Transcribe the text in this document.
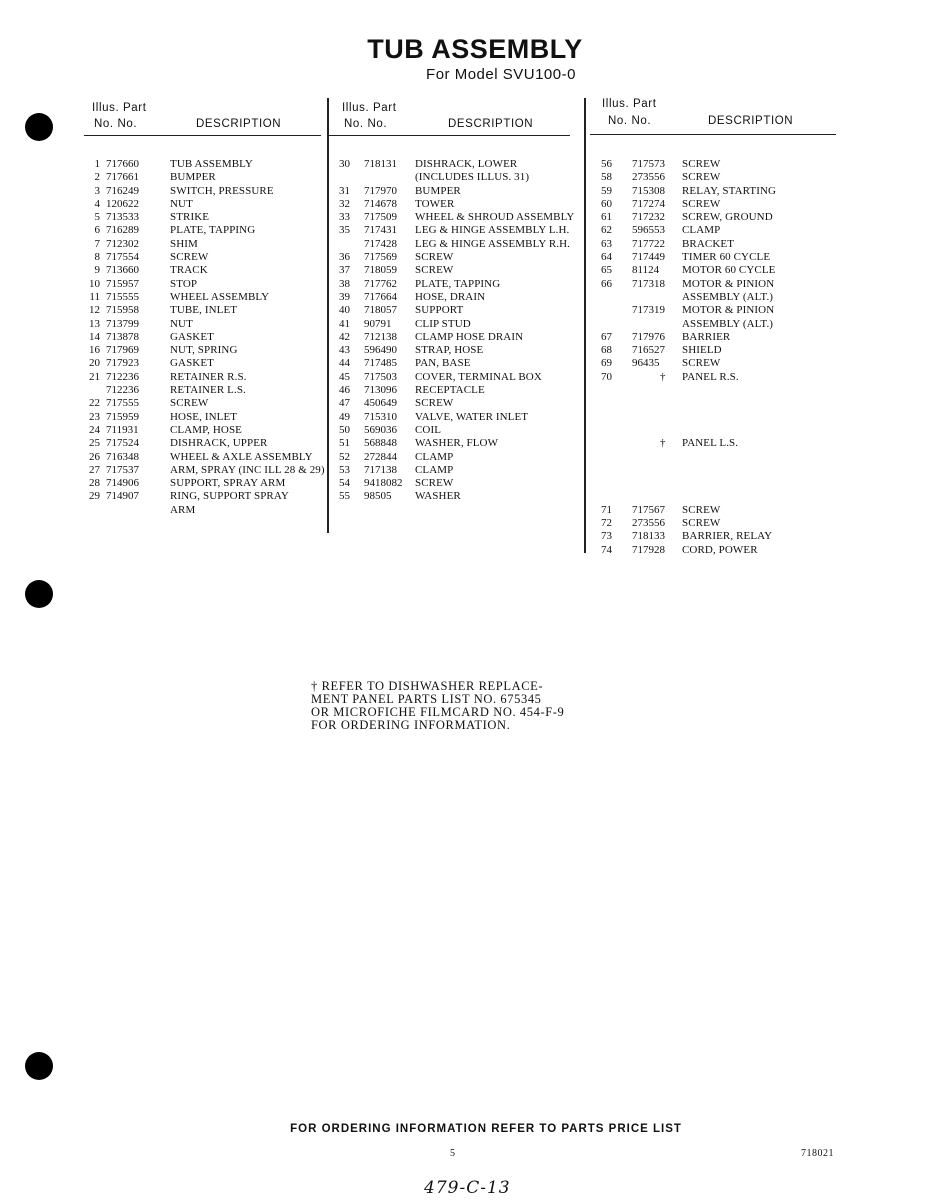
TUB ASSEMBLY
For Model SVU100-0
Illus. Part
No. No.	DESCRIPTION
1 717660	TUB ASSEMBLY
2 717661	BUMPER
3 716249	SWITCH, PRESSURE
4 120622	NUT
5 713533	STRIKE
6 716289	PLATE, TAPPING
7 712302	SHIM
8 717554	SCREW
9 713660	TRACK
10 715957	STOP
11 715555	WHEEL ASSEMBLY
12 715958	TUBE, INLET
13 713799	NUT
14 713878	GASKET
16 717969	NUT, SPRING
20 717923	GASKET
21 712236	RETAINER R.S.
712236	RETAINER L.S.
22 717555	SCREW
23 715959	HOSE, INLET
24 711931	CLAMP, HOSE
25 717524	DISHRACK, UPPER
26 716348	WHEEL & AXLE ASSEMBLY
27 717537	ARM, SPRAY (INC ILL 28 & 29)
28 714906	SUPPORT, SPRAY ARM
29 714907	RING, SUPPORT SPRAY
ARM
Illus. Part
No. No.	DESCRIPTION
30 718131 DISHRACK, LOWER
(INCLUDES ILLUS. 31)
31 717970 BUMPER
32 714678 TOWER
33 717509 WHEEL & SHROUD ASSEMBLY
35 717431 LEG & HINGE ASSEMBLY L.H.
717428 LEG & HINGE ASSEMBLY R.H.
36 717569 SCREW
37 718059 SCREW
38 717762 PLATE, TAPPING
39 717664 HOSE, DRAIN
40 718057 SUPPORT
41 90791 CLIP STUD
42 712138 CLAMP HOSE DRAIN
43 596490 STRAP, HOSE
44 717485 PAN, BASE
45 717503 COVER, TERMINAL BOX
46 713096 RECEPTACLE
47 450649 SCREW
49 715310 VALVE, WATER INLET
50 569036 COIL
51 568848 WASHER, FLOW
52 272844 CLAMP
53 717138 CLAMP
54 9418082 SCREW
55 98505 WASHER
Illus. Part
No. No.	DESCRIPTION
56 717573 SCREW
58 273556 SCREW
59 715308 RELAY, STARTING
60 717274 SCREW
61 717232 SCREW, GROUND
62 596553 CLAMP
63 717722 BRACKET
64 717449 TIMER 60 CYCLE
65 81124 MOTOR 60 CYCLE
66 717318 MOTOR & PINION
ASSEMBLY (ALT.)
717319 MOTOR & PINION
ASSEMBLY (ALT.)
67 717976 BARRIER
68 716527 SHIELD
69 96435 SCREW
70	† PANEL R.S.
† PANEL L.S.
71 717567 SCREW
72 273556 SCREW
73 718133 BARRIER, RELAY
74 717928 CORD, POWER
† REFER TO DISHWASHER REPLACE-
MENT PANEL PARTS LIST NO. 675345
OR MICROFICHE FILMCARD NO. 454-F-9
FOR ORDERING INFORMATION.
FOR ORDERING INFORMATION REFER TO PARTS PRICE LIST
5	718021
479-C-13
